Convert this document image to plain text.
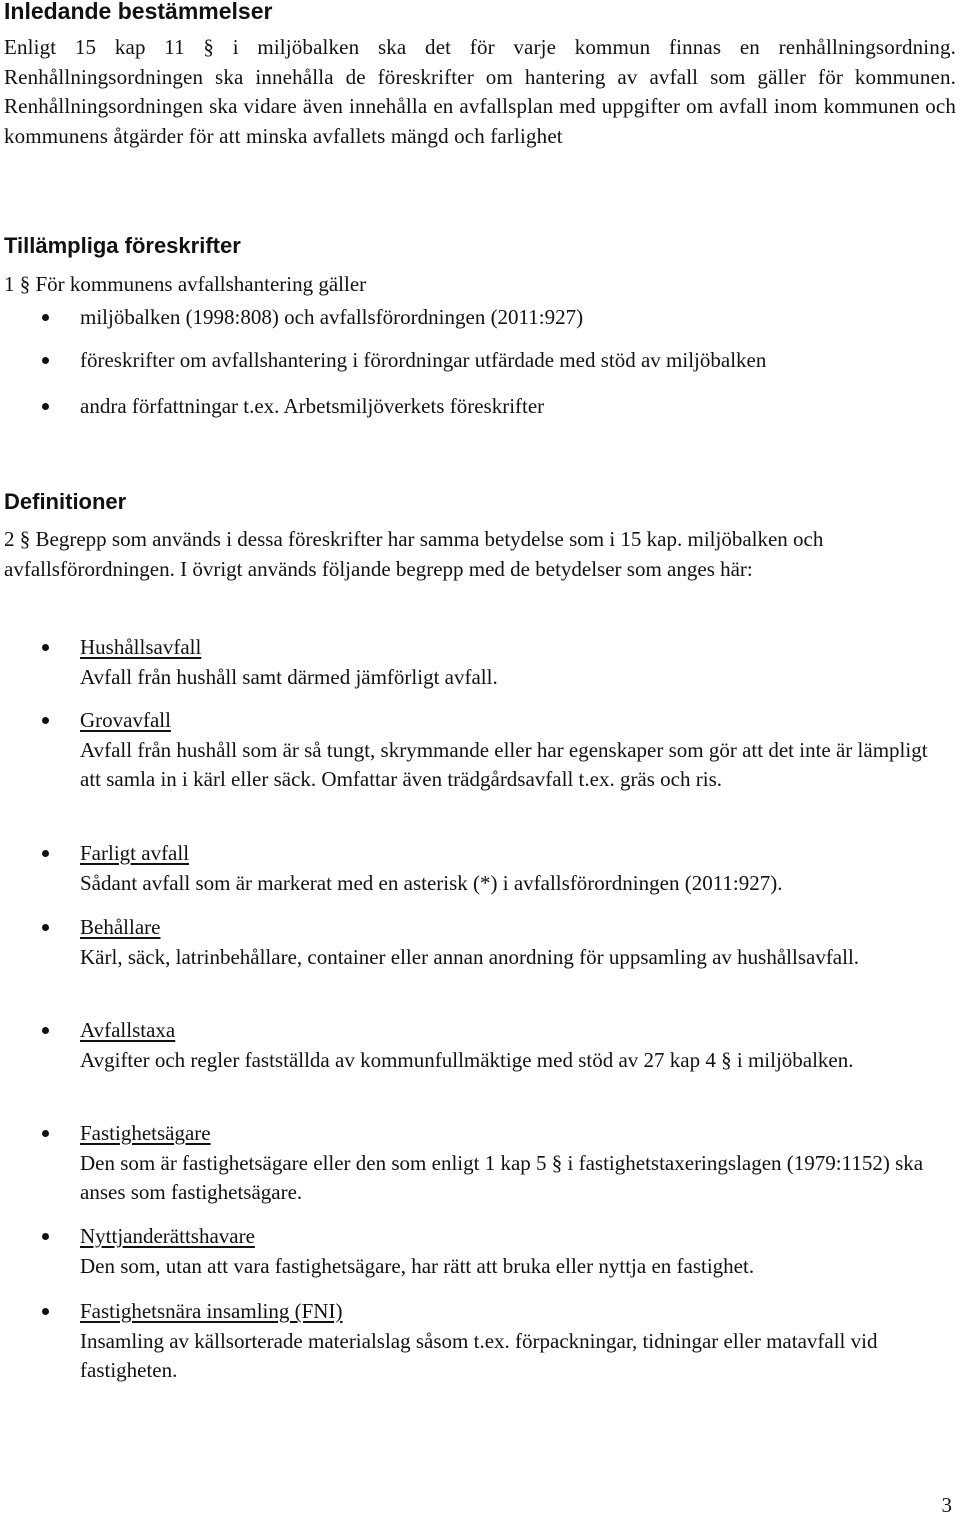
Inledande bestämmelser

Enligt 15 kap 11 § i miljöbalken ska det för varje kommun finnas en renhållningsordning. Renhållningsordningen ska innehålla de föreskrifter om hantering av avfall som gäller för kommunen. Renhållningsordningen ska vidare även innehålla en avfallsplan med uppgifter om avfall inom kommunen och kommunens åtgärder för att minska avfallets mängd och farlighet

Tillämpliga föreskrifter

1 § För kommunens avfallshantering gäller

miljöbalken (1998:808) och avfallsförordningen (2011:927)
föreskrifter om avfallshantering i förordningar utfärdade med stöd av miljöbalken
andra författningar t.ex. Arbetsmiljöverkets föreskrifter
Definitioner

2 § Begrepp som används i dessa föreskrifter har samma betydelse som i 15 kap. miljöbalken och avfallsförordningen. I övrigt används följande begrepp med de betydelser som anges här:

Hushållsavfall
Avfall från hushåll samt därmed jämförligt avfall.
Grovavfall
Avfall från hushåll som är så tungt, skrymmande eller har egenskaper som gör att det inte är lämpligt att samla in i kärl eller säck. Omfattar även trädgårdsavfall t.ex. gräs och ris.
Farligt avfall
Sådant avfall som är markerat med en asterisk (*) i avfallsförordningen (2011:927).
Behållare
Kärl, säck, latrinbehållare, container eller annan anordning för uppsamling av hushållsavfall.
Avfallstaxa
Avgifter och regler fastställda av kommunfullmäktige med stöd av 27 kap 4 § i miljöbalken.
Fastighetsägare
Den som är fastighetsägare eller den som enligt 1 kap 5 § i fastighetstaxeringslagen (1979:1152) ska anses som fastighetsägare.
Nyttjanderättshavare
Den som, utan att vara fastighetsägare, har rätt att bruka eller nyttja en fastighet.
Fastighetsnära insamling (FNI)
Insamling av källsorterade materialslag såsom t.ex. förpackningar, tidningar eller matavfall vid fastigheten.
3
